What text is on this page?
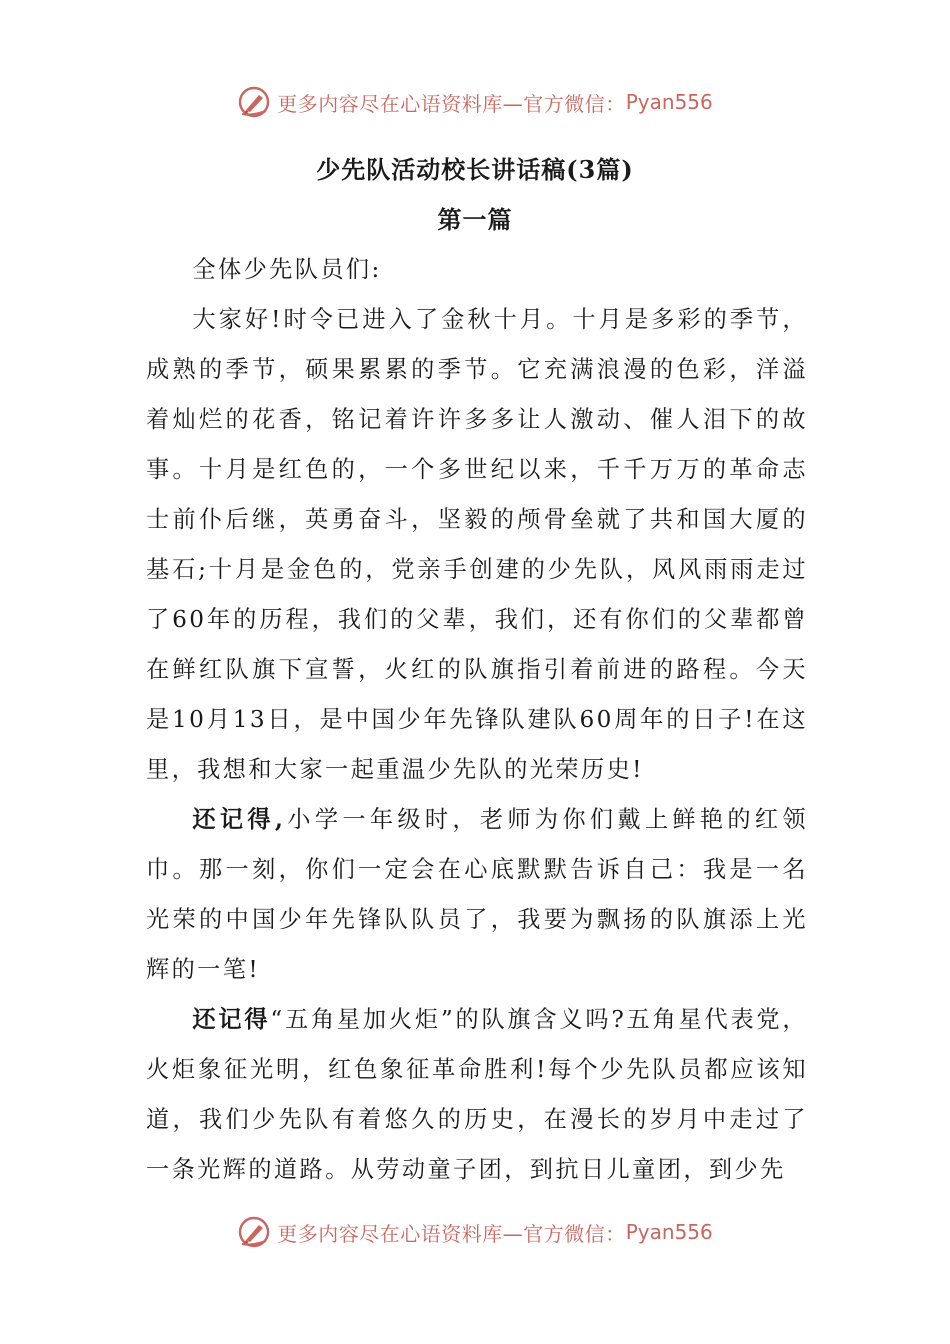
更多内容尽在心语资料库—官方微信： Pyan556
少先队活动校长讲话稿(3篇)
第一篇

全体少先队员们:

大家好!时令已进入了金秋十月。十月是多彩的季节，成熟的季节，硕果累累的季节。它充满浪漫的色彩，洋溢着灿烂的花香，铭记着许许多多让人激动、催人泪下的故事。十月是红色的，一个多世纪以来，千千万万的革命志士前仆后继，英勇奋斗，坚毅的颅骨垒就了共和国大厦的基石;十月是金色的，党亲手创建的少先队，风风雨雨走过了60年的历程，我们的父辈，我们，还有你们的父辈都曾在鲜红队旗下宣誓，火红的队旗指引着前进的路程。今天是10月13日，是中国少年先锋队建队60周年的日子!在这里，我想和大家一起重温少先队的光荣历史!

还记得,小学一年级时，老师为你们戴上鲜艳的红领巾。那一刻，你们一定会在心底默默告诉自己：我是一名光荣的中国少年先锋队队员了，我要为飘扬的队旗添上光辉的一笔!

还记得“五角星加火炬”的队旗含义吗?五角星代表党，火炬象征光明，红色象征革命胜利!每个少先队员都应该知道，我们少先队有着悠久的历史，在漫长的岁月中走过了一条光辉的道路。从劳动童子团，到抗日儿童团，到少先

更多内容尽在心语资料库—官方微信： Pyan556
